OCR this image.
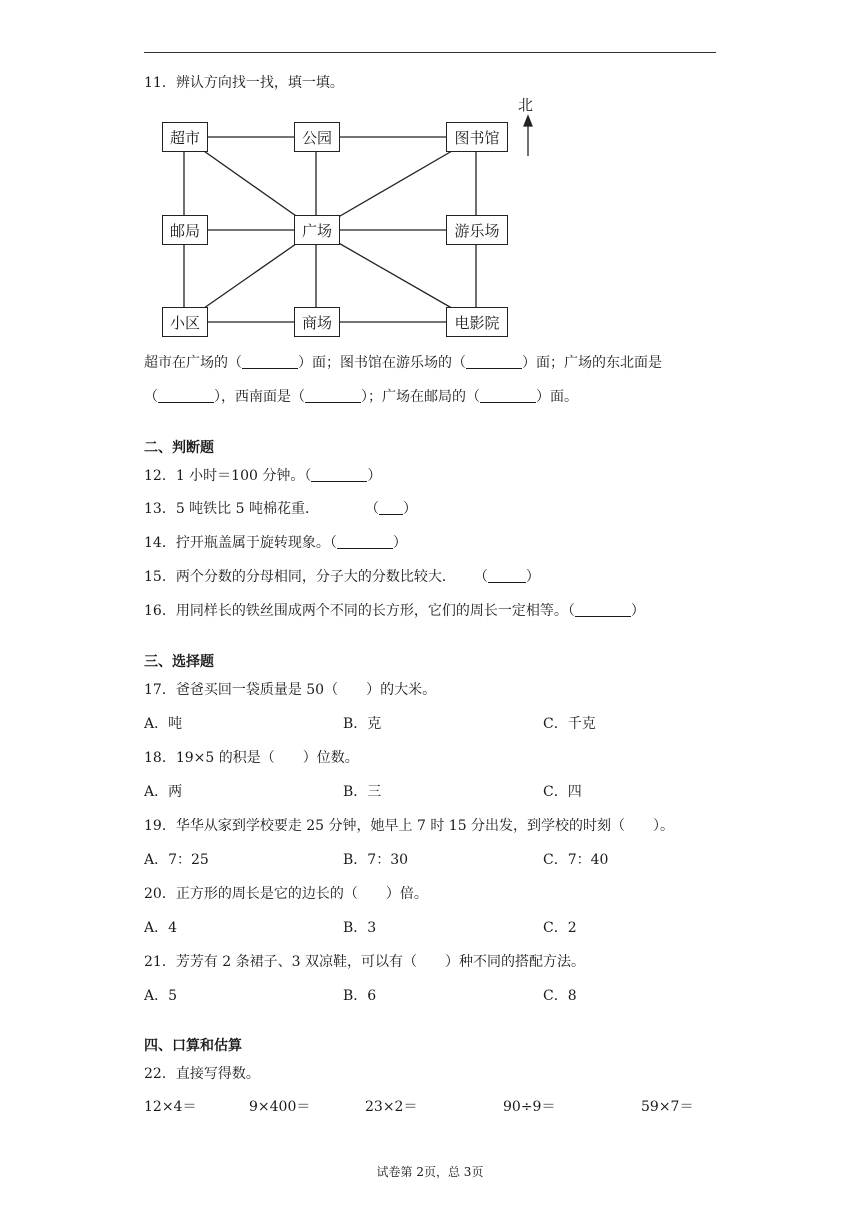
11．辨认方向找一找，填一填。
北
超市	公园	图书馆
邮局	广场	游乐场
小区	商场	电影院
超市在广场的（	）面；图书馆在游乐场的（	）面；广场的东北面是
（	），西南面是（	）；广场在邮局的（	）面。
二、判断题
12．1 小时＝100 分钟。（	）
13．5 吨铁比 5 吨棉花重．	（ ）
14．拧开瓶盖属于旋转现象。（	）
15．两个分数的分母相同，分子大的分数比较大． （	）
16．用同样长的铁丝围成两个不同的长方形，它们的周长一定相等。（	）
三、选择题
17．爸爸买回一袋质量是 50（　　）的大米。
A．吨	B．克	C．千克
18．19×5 的积是（　　）位数。
A．两	B．三	C．四
19．华华从家到学校要走 25 分钟，她早上 7 时 15 分出发，到学校的时刻（　　）。
A．7：25	B．7：30	C．7：40
20．正方形的周长是它的边长的（　　）倍。
A．4	B．3	C．2
21．芳芳有 2 条裙子、3 双凉鞋，可以有（　　）种不同的搭配方法。
A．5	B．6	C．8
四、口算和估算
22．直接写得数。
12×4＝	9×400＝	23×2＝	90÷9＝	59×7＝
试卷第 2页，总 3页
